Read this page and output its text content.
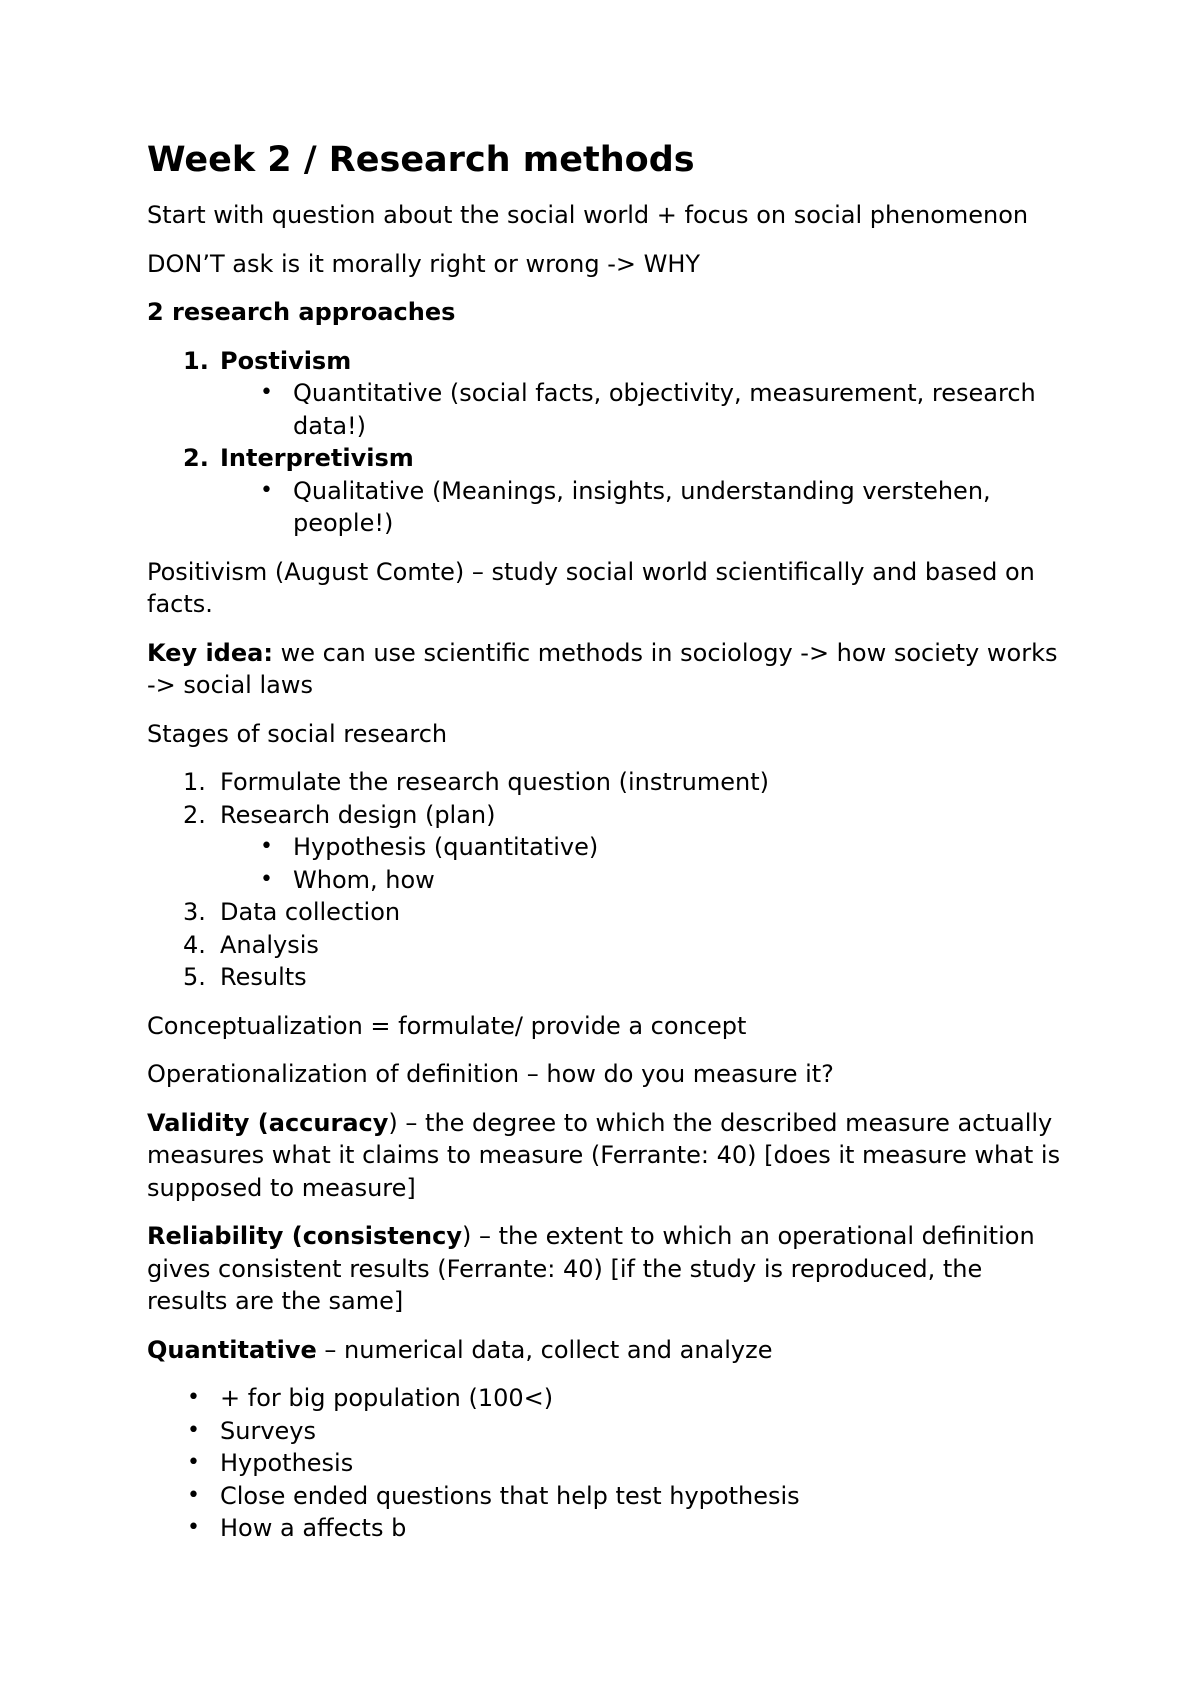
Week 2 / Research methods

Start with question about the social world + focus on social phenomenon

DON’T ask is it morally right or wrong -> WHY

2 research approaches

1. Postivism
• Quantitative (social facts, objectivity, measurement, research data!)
2. Interpretivism
• Qualitative (Meanings, insights, understanding verstehen, people!)

Positivism (August Comte) – study social world scientifically and based on facts.

Key idea: we can use scientific methods in sociology -> how society works -> social laws

Stages of social research

1. Formulate the research question (instrument)
2. Research design (plan)
• Hypothesis (quantitative)
• Whom, how
3. Data collection
4. Analysis
5. Results

Conceptualization = formulate/ provide a concept

Operationalization of definition – how do you measure it?

Validity (accuracy) – the degree to which the described measure actually measures what it claims to measure (Ferrante: 40) [does it measure what is supposed to measure]

Reliability (consistency) – the extent to which an operational definition gives consistent results (Ferrante: 40) [if the study is reproduced, the results are the same]

Quantitative – numerical data, collect and analyze

• + for big population (100<)
• Surveys
• Hypothesis
• Close ended questions that help test hypothesis
• How a affects b
